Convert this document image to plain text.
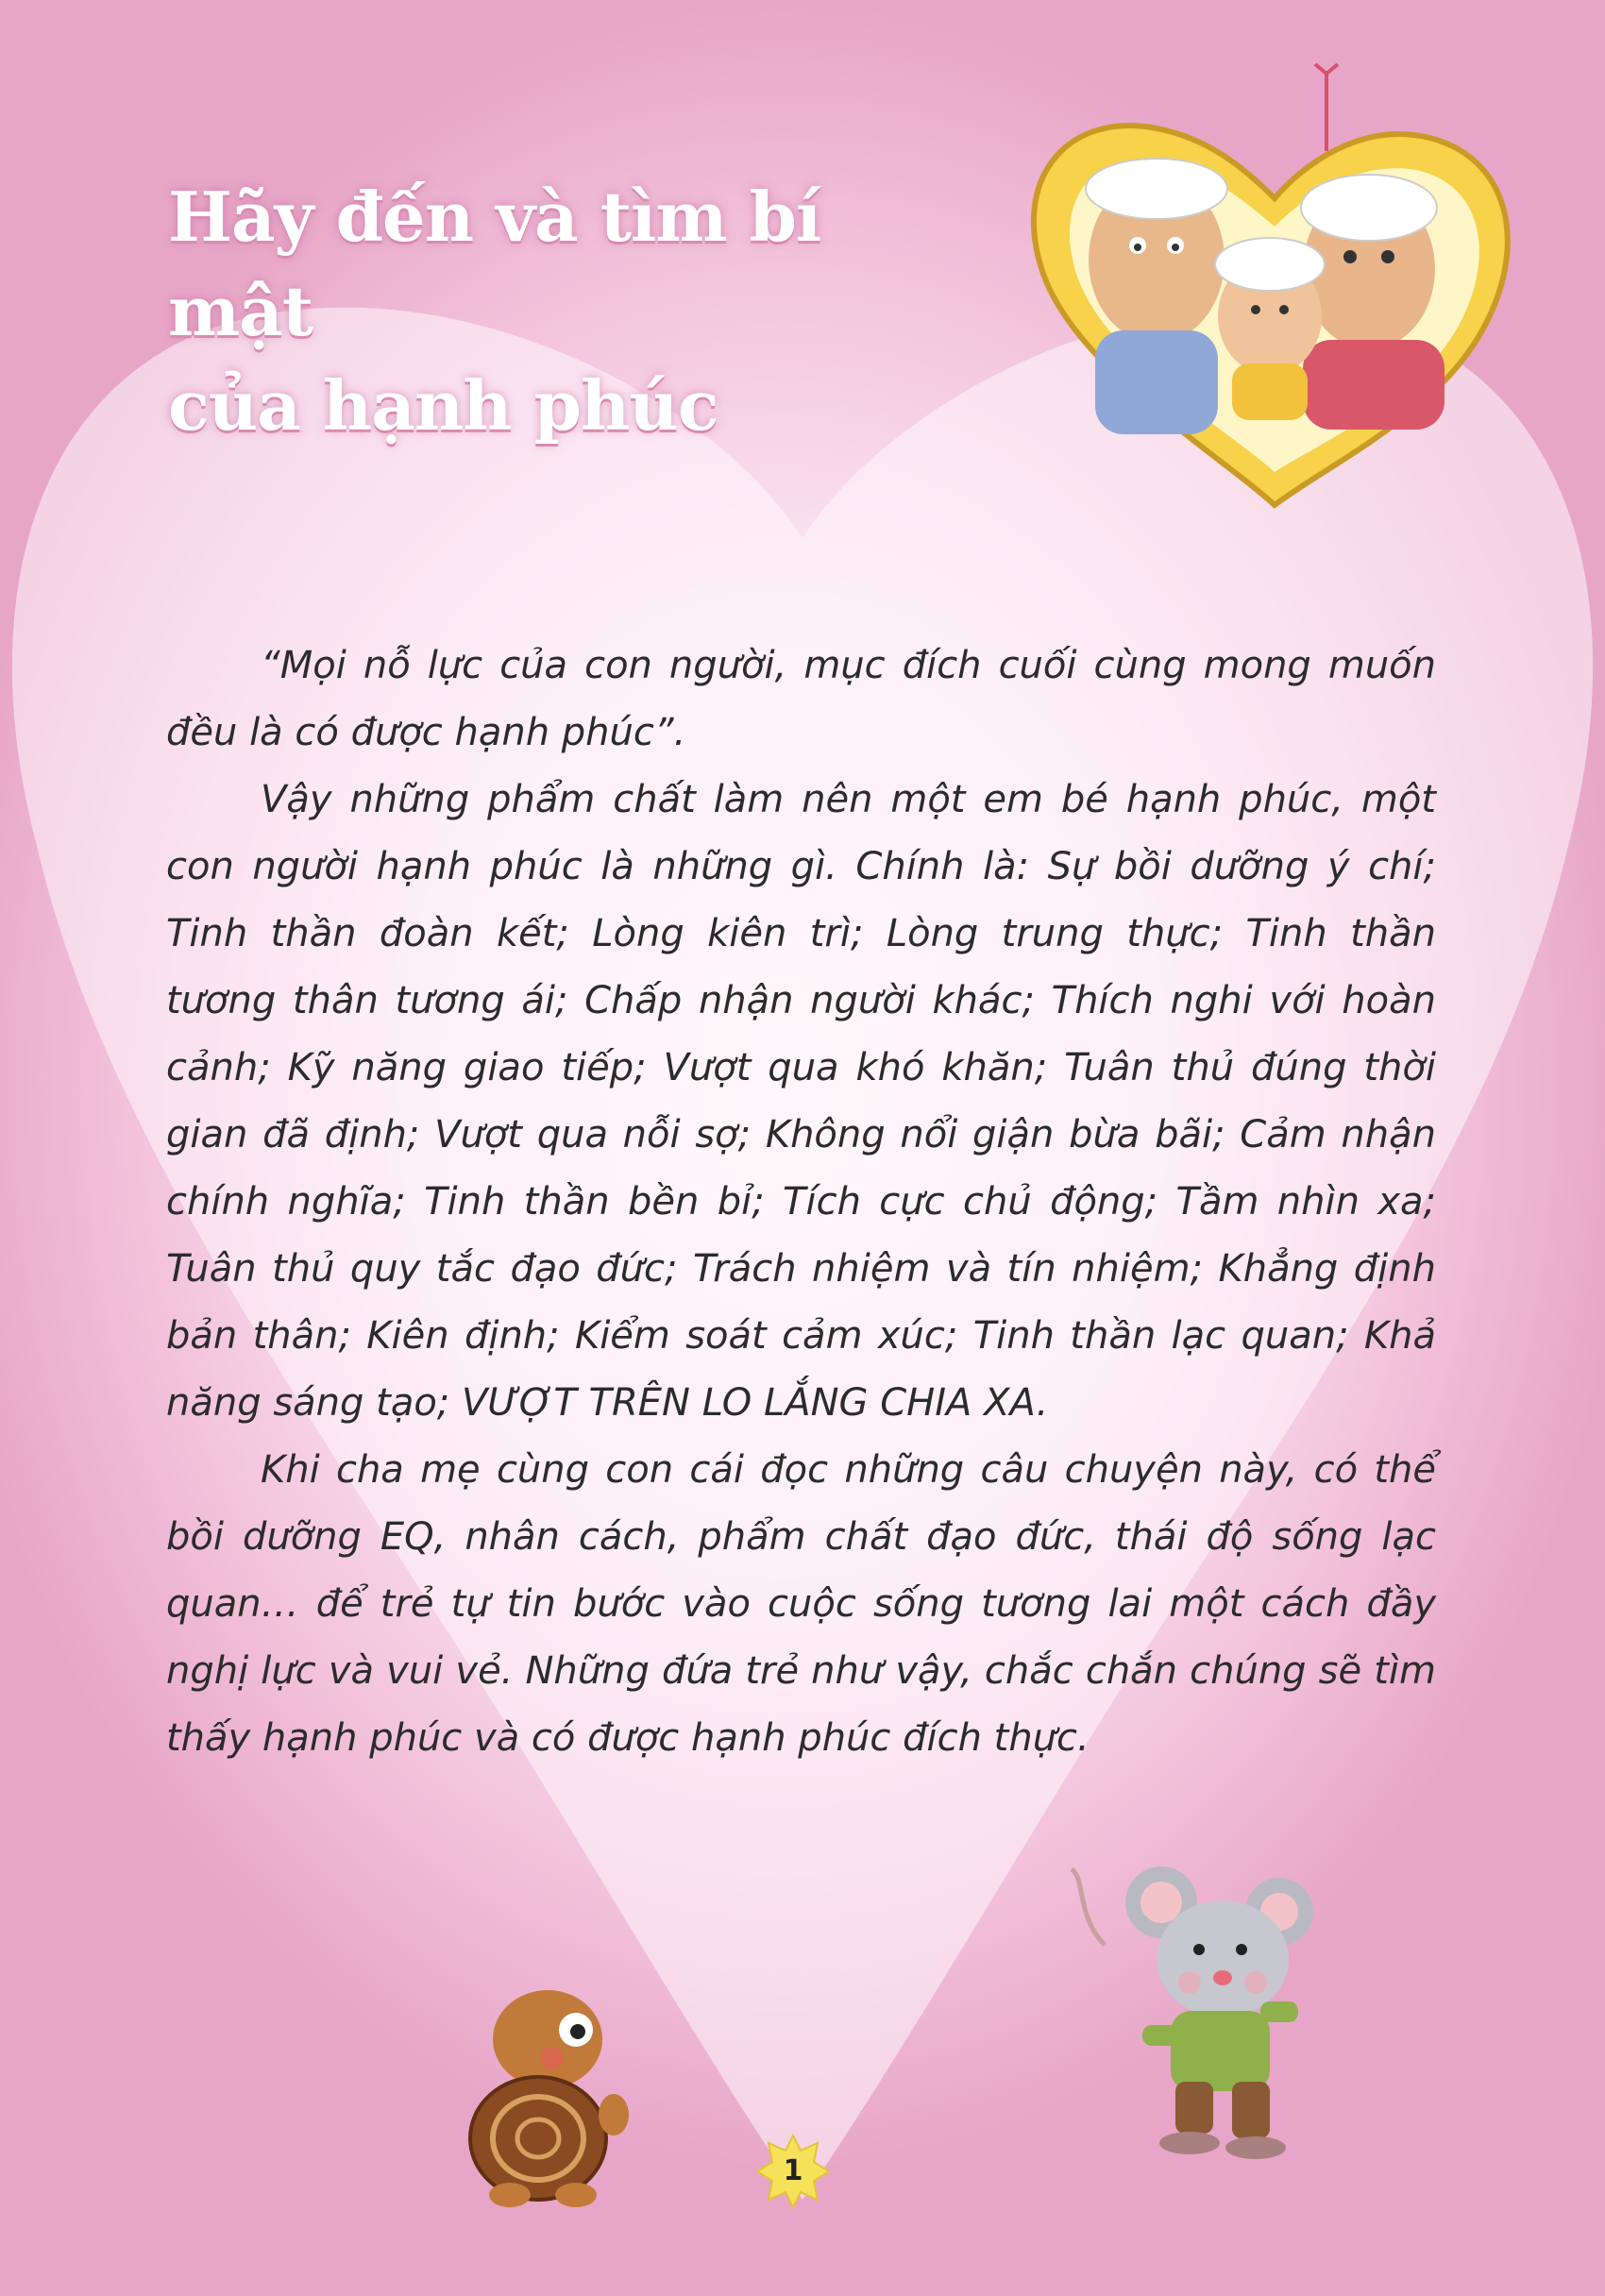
Hãy đến và tìm bí mật
của hạnh phúc

“Mọi nỗ lực của con người, mục đích cuối cùng mong muốn đều là có được hạnh phúc”.

Vậy những phẩm chất làm nên một em bé hạnh phúc, một con người hạnh phúc là những gì. Chính là: Sự bồi dưỡng ý chí; Tinh thần đoàn kết; Lòng kiên trì; Lòng trung thực; Tinh thần tương thân tương ái; Chấp nhận người khác; Thích nghi với hoàn cảnh; Kỹ năng giao tiếp; Vượt qua khó khăn; Tuân thủ đúng thời gian đã định; Vượt qua nỗi sợ; Không nổi giận bừa bãi; Cảm nhận chính nghĩa; Tinh thần bền bỉ; Tích cực chủ động; Tầm nhìn xa; Tuân thủ quy tắc đạo đức; Trách nhiệm và tín nhiệm; Khẳng định bản thân; Kiên định; Kiểm soát cảm xúc; Tinh thần lạc quan; Khả năng sáng tạo; VƯỢT TRÊN LO LẮNG CHIA XA.

Khi cha mẹ cùng con cái đọc những câu chuyện này, có thể bồi dưỡng EQ, nhân cách, phẩm chất đạo đức, thái độ sống lạc quan… để trẻ tự tin bước vào cuộc sống tương lai một cách đầy nghị lực và vui vẻ. Những đứa trẻ như vậy, chắc chắn chúng sẽ tìm thấy hạnh phúc và có được hạnh phúc đích thực.

1
